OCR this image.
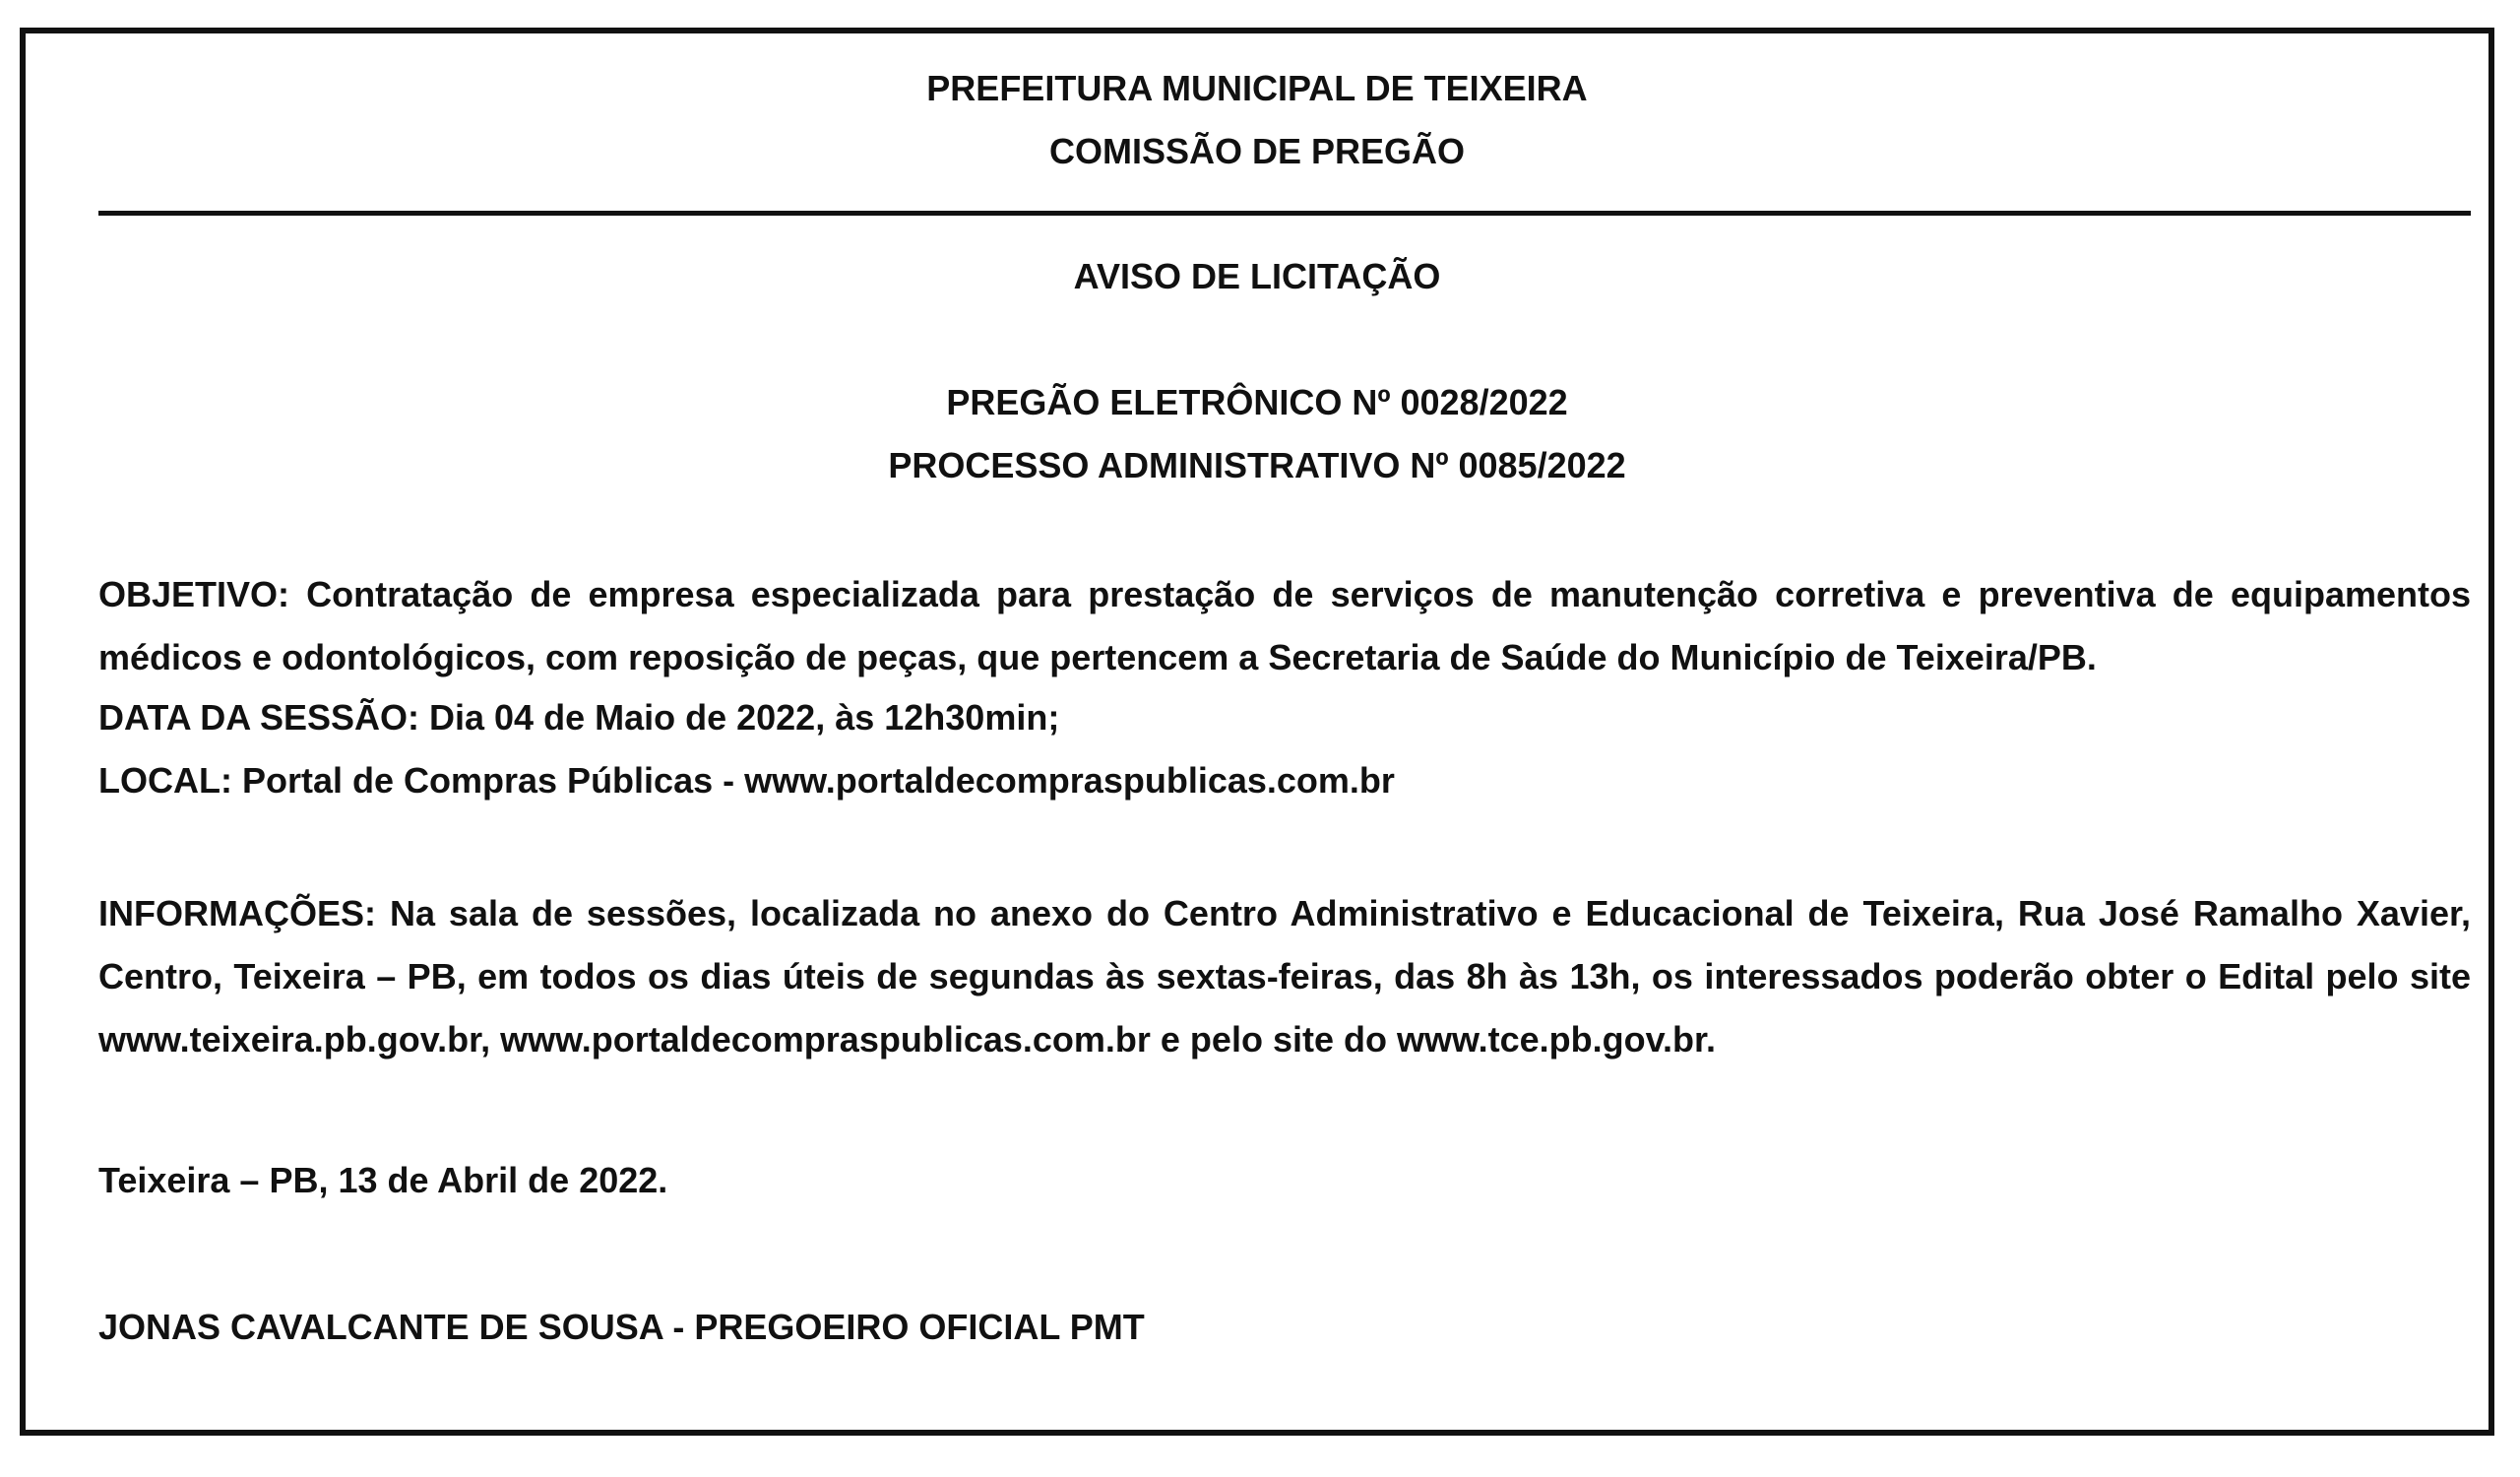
PREFEITURA MUNICIPAL DE TEIXEIRA
COMISSÃO DE PREGÃO
AVISO DE LICITAÇÃO
PREGÃO ELETRÔNICO Nº 0028/2022
PROCESSO ADMINISTRATIVO Nº 0085/2022
OBJETIVO: Contratação de empresa especializada para prestação de serviços de manutenção corretiva e preventiva de equipamentos médicos e odontológicos, com reposição de peças, que pertencem a Secretaria de Saúde do Município de Teixeira/PB.
DATA DA SESSÃO: Dia 04 de Maio de 2022, às 12h30min;
LOCAL: Portal de Compras Públicas - www.portaldecompraspublicas.com.br
INFORMAÇÕES: Na sala de sessões, localizada no anexo do Centro Administrativo e Educacional de Teixeira, Rua José Ramalho Xavier, Centro, Teixeira – PB, em todos os dias úteis de segundas às sextas-feiras, das 8h às 13h, os interessados poderão obter o Edital pelo site www.teixeira.pb.gov.br, www.portaldecompraspublicas.com.br e pelo site do www.tce.pb.gov.br.
Teixeira – PB, 13 de Abril de 2022.
JONAS CAVALCANTE DE SOUSA - PREGOEIRO OFICIAL PMT
